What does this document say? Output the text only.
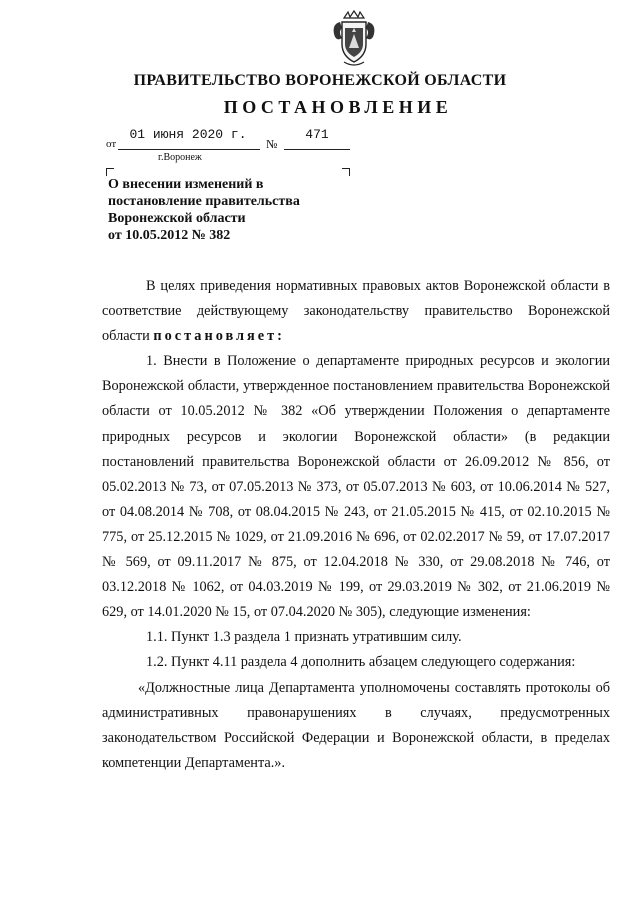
ПРАВИТЕЛЬСТВО ВОРОНЕЖСКОЙ ОБЛАСТИ
ПОСТАНОВЛЕНИЕ
от
01 июня 2020 г.
№
471
г.Воронеж
О внесении изменений в
постановление правительства
Воронежской области
от 10.05.2012 № 382

В целях приведения нормативных правовых актов Воронежской области в соответствие действующему законодательству правительство Воронежской области постановляет:

1. Внести в Положение о департаменте природных ресурсов и экологии Воронежской области, утвержденное постановлением правительства Воронежской области от 10.05.2012 № 382 «Об утверждении Положения о департаменте природных ресурсов и экологии Воронежской области» (в редакции постановлений правительства Воронежской области от 26.09.2012 № 856, от 05.02.2013 № 73, от 07.05.2013 № 373, от 05.07.2013 № 603, от 10.06.2014 № 527, от 04.08.2014 № 708, от 08.04.2015 № 243, от 21.05.2015 № 415, от 02.10.2015 № 775, от 25.12.2015 № 1029, от 21.09.2016 № 696, от 02.02.2017 № 59, от 17.07.2017 № 569, от 09.11.2017 № 875, от 12.04.2018 № 330, от 29.08.2018 № 746, от 03.12.2018 № 1062, от 04.03.2019 № 199, от 29.03.2019 № 302, от 21.06.2019 № 629, от 14.01.2020 № 15, от 07.04.2020 № 305), следующие изменения:

1.1. Пункт 1.3 раздела 1 признать утратившим силу.

1.2. Пункт 4.11 раздела 4 дополнить абзацем следующего содержания:

«Должностные лица Департамента уполномочены составлять протоколы об административных правонарушениях в случаях, предусмотренных законодательством Российской Федерации и Воронежской области, в пределах компетенции Департамента.».
